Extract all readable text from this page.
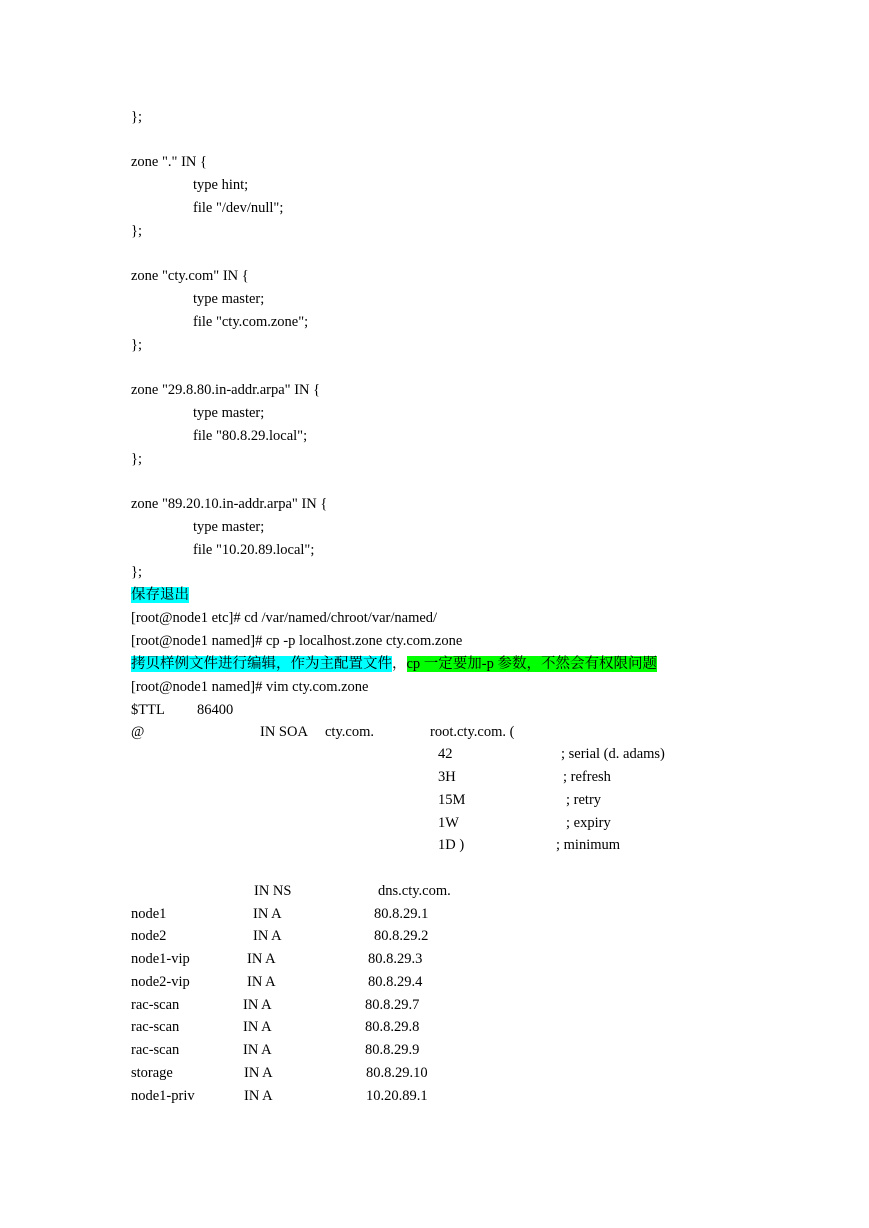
};
zone "." IN {
type hint;
file "/dev/null";
};
zone "cty.com" IN {
type master;
file "cty.com.zone";
};
zone "29.8.80.in-addr.arpa" IN {
type master;
file "80.8.29.local";
};
zone "89.20.10.in-addr.arpa" IN {
type master;
file "10.20.89.local";
};
保存退出
[root@node1 etc]# cd /var/named/chroot/var/named/
[root@node1 named]# cp -p localhost.zone cty.com.zone
拷贝样例文件进行编辑，作为主配置文件，cp 一定要加-p 参数，不然会有权限问题
[root@node1 named]# vim cty.com.zone
$TTL 86400
@	IN SOA cty.com.	root.cty.com. (
42	; serial (d. adams)
3H	; refresh
15M	; retry
1W	; expiry
1D )	; minimum
IN NS	dns.cty.com.
node1	IN A	80.8.29.1
node2	IN A	80.8.29.2
node1-vip	IN A	80.8.29.3
node2-vip	IN A	80.8.29.4
rac-scan	IN A	80.8.29.7
rac-scan	IN A	80.8.29.8
rac-scan	IN A	80.8.29.9
storage	IN A	80.8.29.10
node1-priv	IN A	10.20.89.1
